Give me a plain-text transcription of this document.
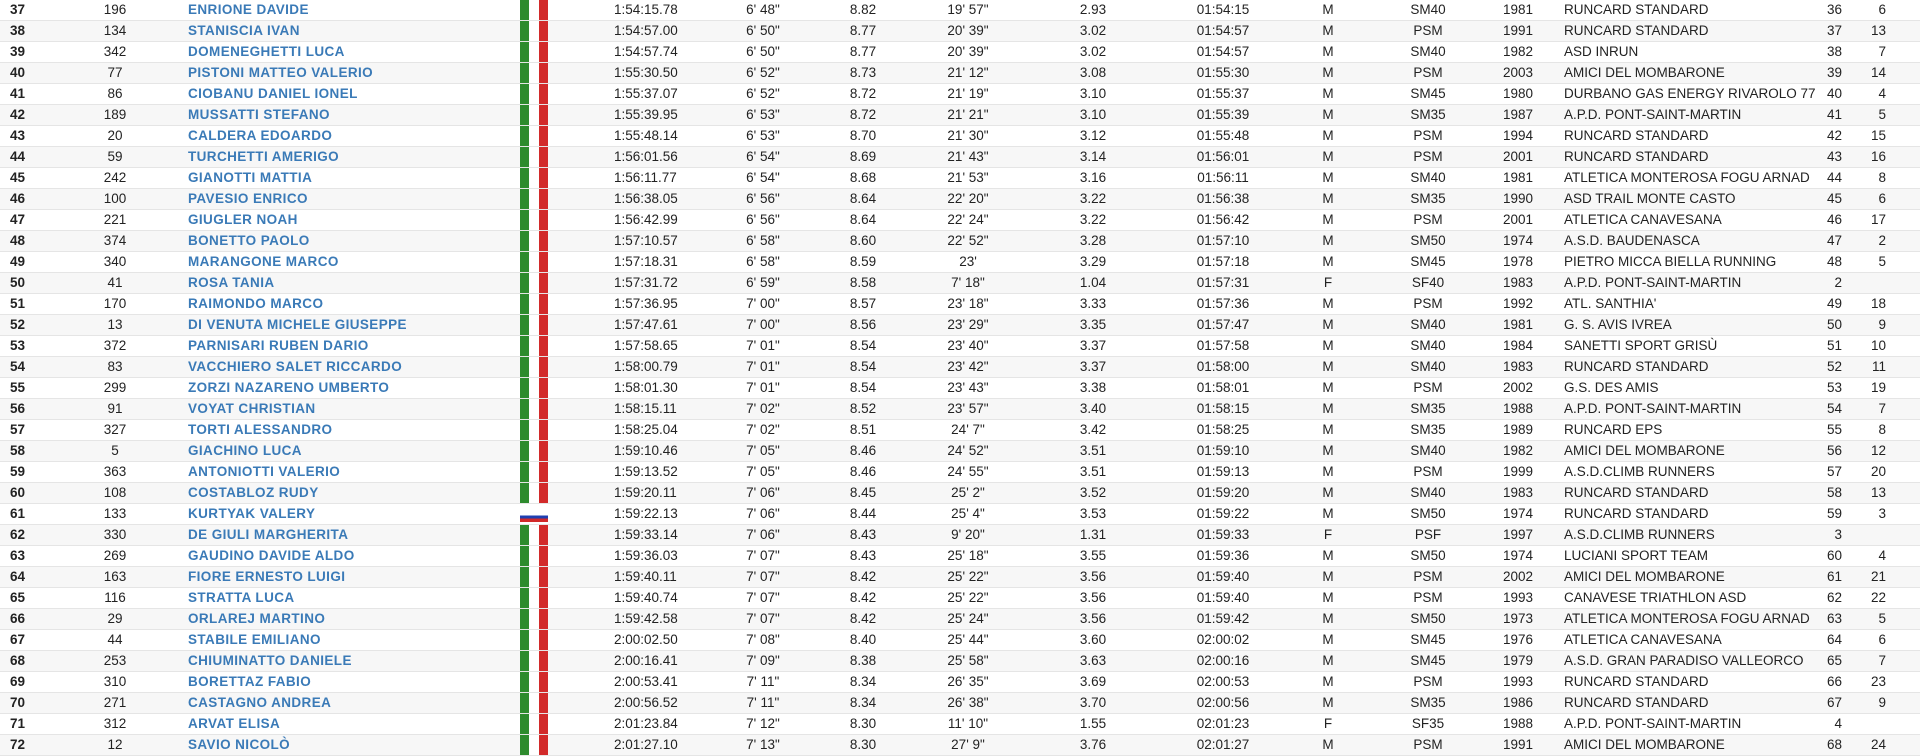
37	196	ENRIONE DAVIDE		1:54:15.78	6' 48"	8.82	19' 57"	2.93	01:54:15	M	SM40	1981	RUNCARD STANDARD	36	6
38	134	STANISCIA IVAN		1:54:57.00	6' 50"	8.77	20' 39"	3.02	01:54:57	M	PSM	1991	RUNCARD STANDARD	37	13
39	342	DOMENEGHETTI LUCA		1:54:57.74	6' 50"	8.77	20' 39"	3.02	01:54:57	M	SM40	1982	ASD INRUN	38	7
40	77	PISTONI MATTEO VALERIO		1:55:30.50	6' 52"	8.73	21' 12"	3.08	01:55:30	M	PSM	2003	AMICI DEL MOMBARONE	39	14
41	86	CIOBANU DANIEL IONEL		1:55:37.07	6' 52"	8.72	21' 19"	3.10	01:55:37	M	SM45	1980	DURBANO GAS ENERGY RIVAROLO 77	40	4
42	189	MUSSATTI STEFANO		1:55:39.95	6' 53"	8.72	21' 21"	3.10	01:55:39	M	SM35	1987	A.P.D. PONT-SAINT-MARTIN	41	5
43	20	CALDERA EDOARDO		1:55:48.14	6' 53"	8.70	21' 30"	3.12	01:55:48	M	PSM	1994	RUNCARD STANDARD	42	15
44	59	TURCHETTI AMERIGO		1:56:01.56	6' 54"	8.69	21' 43"	3.14	01:56:01	M	PSM	2001	RUNCARD STANDARD	43	16
45	242	GIANOTTI MATTIA		1:56:11.77	6' 54"	8.68	21' 53"	3.16	01:56:11	M	SM40	1981	ATLETICA MONTEROSA FOGU ARNAD	44	8
46	100	PAVESIO ENRICO		1:56:38.05	6' 56"	8.64	22' 20"	3.22	01:56:38	M	SM35	1990	ASD TRAIL MONTE CASTO	45	6
47	221	GIUGLER NOAH		1:56:42.99	6' 56"	8.64	22' 24"	3.22	01:56:42	M	PSM	2001	ATLETICA CANAVESANA	46	17
48	374	BONETTO PAOLO		1:57:10.57	6' 58"	8.60	22' 52"	3.28	01:57:10	M	SM50	1974	A.S.D. BAUDENASCA	47	2
49	340	MARANGONE MARCO		1:57:18.31	6' 58"	8.59	23'	3.29	01:57:18	M	SM45	1978	PIETRO MICCA BIELLA RUNNING	48	5
50	41	ROSA TANIA		1:57:31.72	6' 59"	8.58	7' 18"	1.04	01:57:31	F	SF40	1983	A.P.D. PONT-SAINT-MARTIN	2	
51	170	RAIMONDO MARCO		1:57:36.95	7' 00"	8.57	23' 18"	3.33	01:57:36	M	PSM	1992	ATL. SANTHIA'	49	18
52	13	DI VENUTA MICHELE GIUSEPPE		1:57:47.61	7' 00"	8.56	23' 29"	3.35	01:57:47	M	SM40	1981	G. S. AVIS IVREA	50	9
53	372	PARNISARI RUBEN DARIO		1:57:58.65	7' 01"	8.54	23' 40"	3.37	01:57:58	M	SM40	1984	SANETTI SPORT GRISÙ	51	10
54	83	VACCHIERO SALET RICCARDO		1:58:00.79	7' 01"	8.54	23' 42"	3.37	01:58:00	M	SM40	1983	RUNCARD STANDARD	52	11
55	299	ZORZI NAZARENO UMBERTO		1:58:01.30	7' 01"	8.54	23' 43"	3.38	01:58:01	M	PSM	2002	G.S. DES AMIS	53	19
56	91	VOYAT CHRISTIAN		1:58:15.11	7' 02"	8.52	23' 57"	3.40	01:58:15	M	SM35	1988	A.P.D. PONT-SAINT-MARTIN	54	7
57	327	TORTI ALESSANDRO		1:58:25.04	7' 02"	8.51	24' 7"	3.42	01:58:25	M	SM35	1989	RUNCARD EPS	55	8
58	5	GIACHINO LUCA		1:59:10.46	7' 05"	8.46	24' 52"	3.51	01:59:10	M	SM40	1982	AMICI DEL MOMBARONE	56	12
59	363	ANTONIOTTI VALERIO		1:59:13.52	7' 05"	8.46	24' 55"	3.51	01:59:13	M	PSM	1999	A.S.D.CLIMB RUNNERS	57	20
60	108	COSTABLOZ RUDY		1:59:20.11	7' 06"	8.45	25' 2"	3.52	01:59:20	M	SM40	1983	RUNCARD STANDARD	58	13
61	133	KURTYAK VALERY		1:59:22.13	7' 06"	8.44	25' 4"	3.53	01:59:22	M	SM50	1974	RUNCARD STANDARD	59	3
62	330	DE GIULI MARGHERITA		1:59:33.14	7' 06"	8.43	9' 20"	1.31	01:59:33	F	PSF	1997	A.S.D.CLIMB RUNNERS	3	
63	269	GAUDINO DAVIDE ALDO		1:59:36.03	7' 07"	8.43	25' 18"	3.55	01:59:36	M	SM50	1974	LUCIANI SPORT TEAM	60	4
64	163	FIORE ERNESTO LUIGI		1:59:40.11	7' 07"	8.42	25' 22"	3.56	01:59:40	M	PSM	2002	AMICI DEL MOMBARONE	61	21
65	116	STRATTA LUCA		1:59:40.74	7' 07"	8.42	25' 22"	3.56	01:59:40	M	PSM	1993	CANAVESE TRIATHLON ASD	62	22
66	29	ORLAREJ MARTINO		1:59:42.58	7' 07"	8.42	25' 24"	3.56	01:59:42	M	SM50	1973	ATLETICA MONTEROSA FOGU ARNAD	63	5
67	44	STABILE EMILIANO		2:00:02.50	7' 08"	8.40	25' 44"	3.60	02:00:02	M	SM45	1976	ATLETICA CANAVESANA	64	6
68	253	CHIUMINATTO DANIELE		2:00:16.41	7' 09"	8.38	25' 58"	3.63	02:00:16	M	SM45	1979	A.S.D. GRAN PARADISO VALLEORCO	65	7
69	310	BORETTAZ FABIO		2:00:53.41	7' 11"	8.34	26' 35"	3.69	02:00:53	M	PSM	1993	RUNCARD STANDARD	66	23
70	271	CASTAGNO ANDREA		2:00:56.52	7' 11"	8.34	26' 38"	3.70	02:00:56	M	SM35	1986	RUNCARD STANDARD	67	9
71	312	ARVAT ELISA		2:01:23.84	7' 12"	8.30	11' 10"	1.55	02:01:23	F	SF35	1988	A.P.D. PONT-SAINT-MARTIN	4	
72	12	SAVIO NICOLÒ		2:01:27.10	7' 13"	8.30	27' 9"	3.76	02:01:27	M	PSM	1991	AMICI DEL MOMBARONE	68	24
